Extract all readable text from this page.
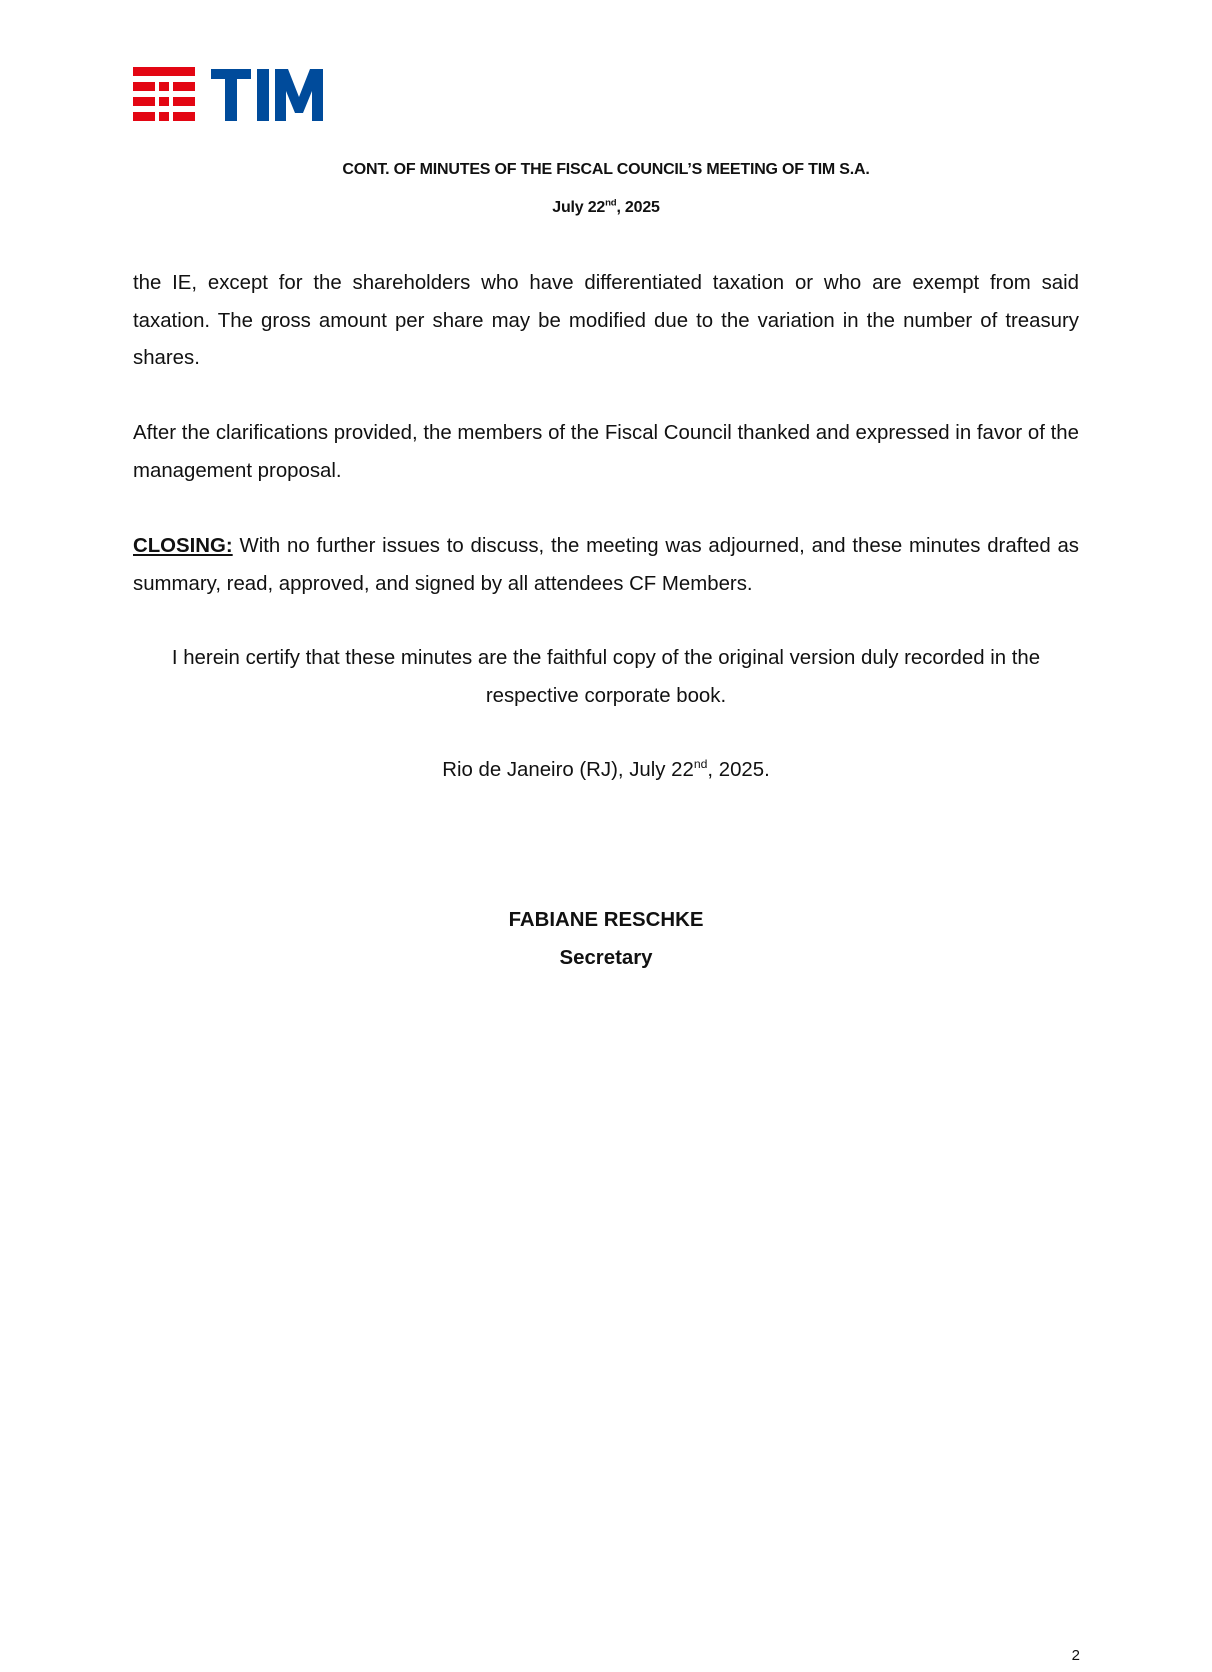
CONT. OF MINUTES OF THE FISCAL COUNCIL’S MEETING OF TIM S.A.
July 22nd, 2025

the IE, except for the shareholders who have differentiated taxation or who are exempt from said taxation. The gross amount per share may be modified due to the variation in the number of treasury shares.

After the clarifications provided, the members of the Fiscal Council thanked and expressed in favor of the management proposal.

CLOSING: With no further issues to discuss, the meeting was adjourned, and these minutes drafted as summary, read, approved, and signed by all attendees CF Members.

I herein certify that these minutes are the faithful copy of the original version duly recorded in the respective corporate book.

Rio de Janeiro (RJ), July 22nd, 2025.

FABIANE RESCHKE
Secretary
2
